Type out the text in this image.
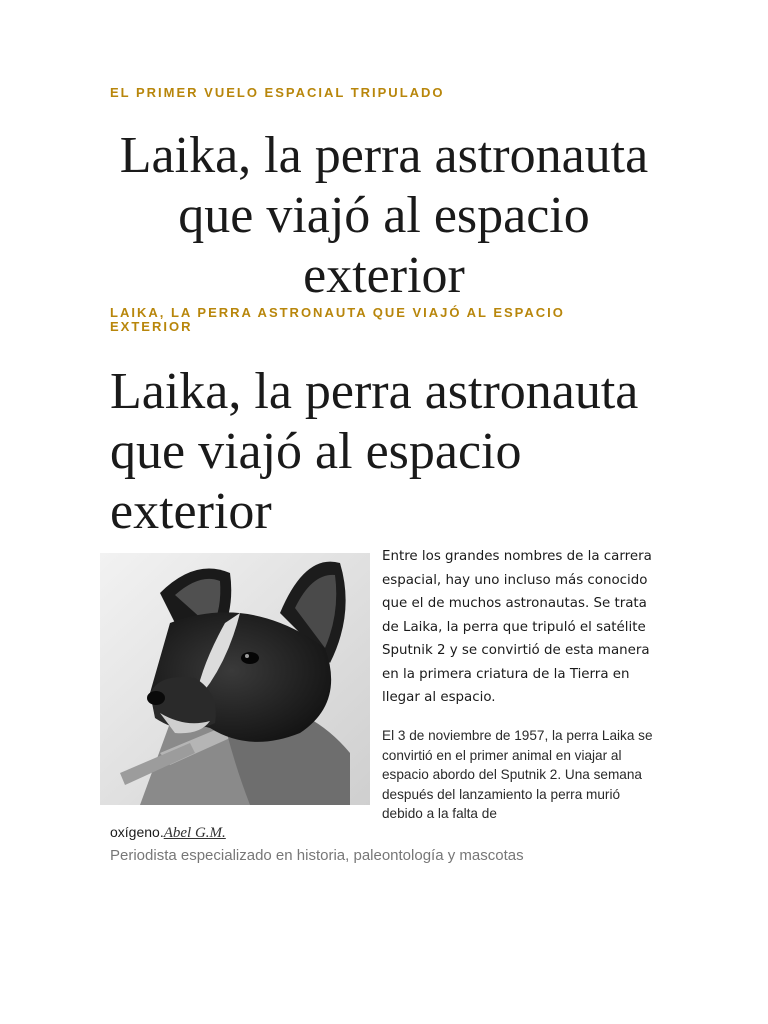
EL PRIMER VUELO ESPACIAL TRIPULADO
Laika, la perra astronauta que viajó al espacio exterior
LAIKA, LA PERRA ASTRONAUTA QUE VIAJÓ AL ESPACIO EXTERIOR
Laika, la perra astronauta que viajó al espacio exterior
Entre los grandes nombres de la carrera espacial, hay uno incluso más conocido que el de muchos astronautas. Se trata de Laika, la perra que tripuló el satélite Sputnik 2 y se convirtió de esta manera en la primera criatura de la Tierra en llegar al espacio.
El 3 de noviembre de 1957, la perra Laika se convirtió en el primer animal en viajar al espacio abordo del Sputnik 2. Una semana después del lanzamiento la perra murió debido a la falta de
oxígeno.Abel G.M.
Periodista especializado en historia, paleontología y mascotas
